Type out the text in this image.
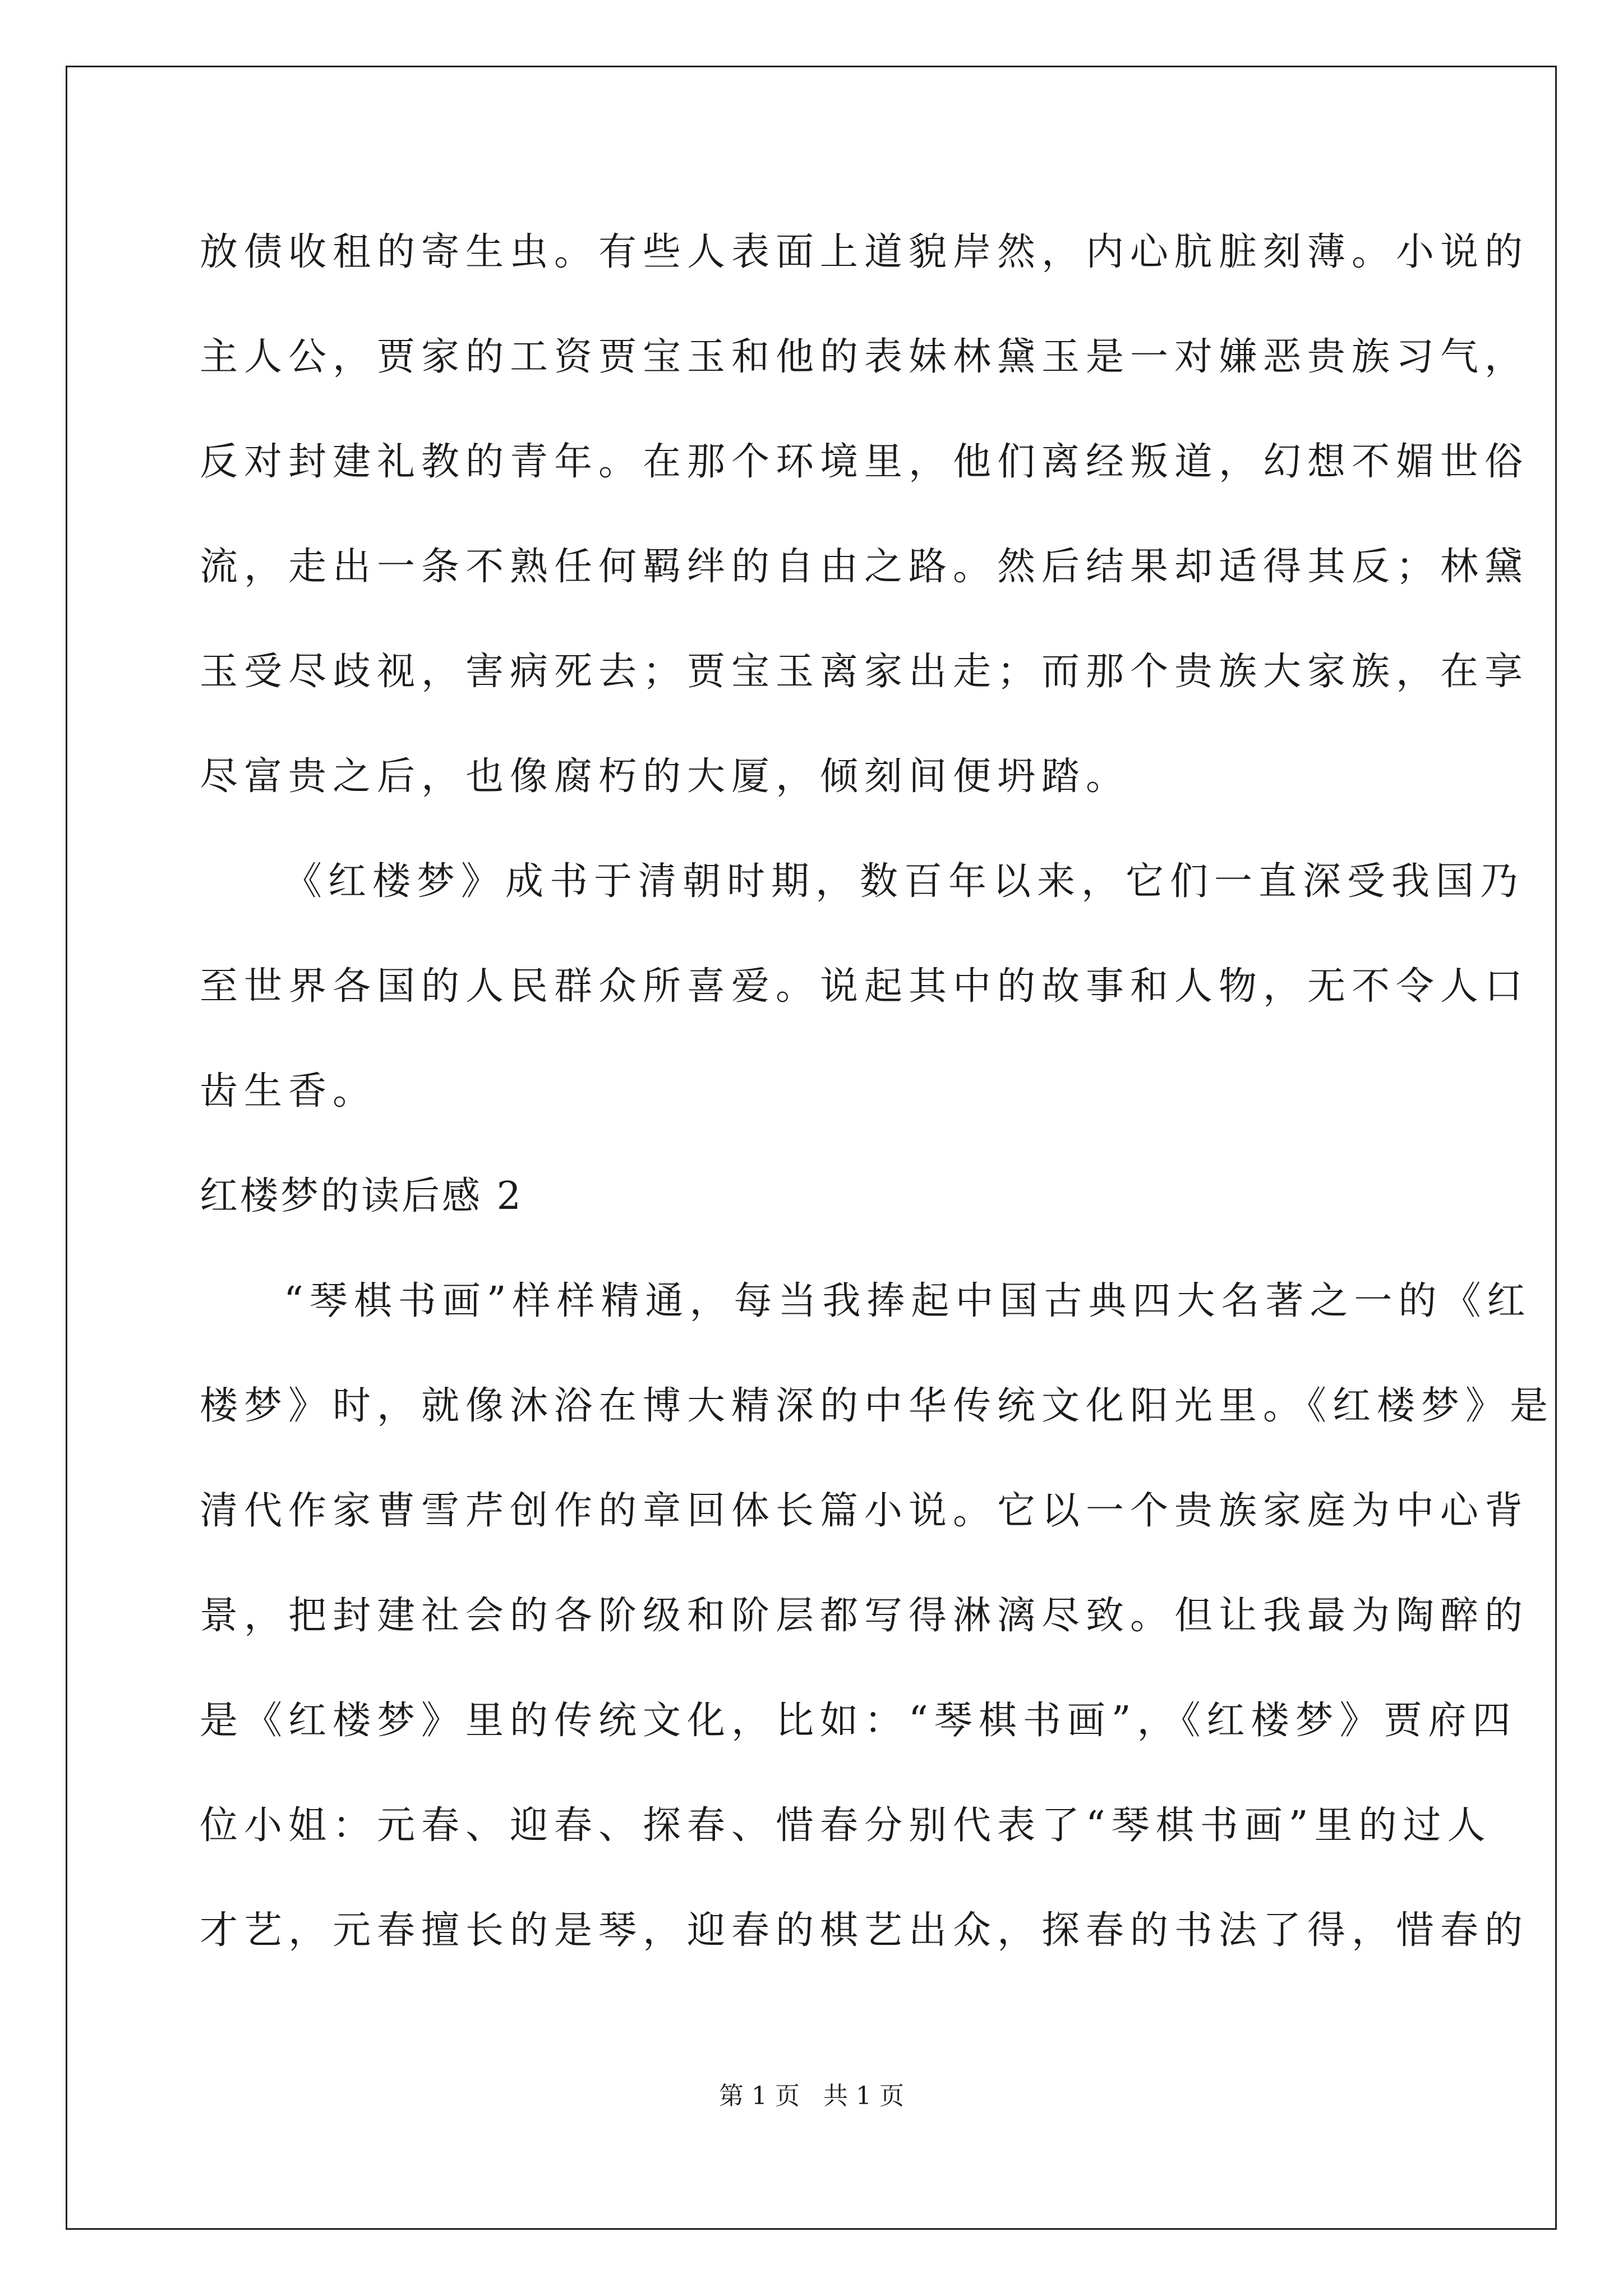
放债收租的寄生虫。有些人表面上道貌岸然，内心肮脏刻薄。小说的
主人公，贾家的工资贾宝玉和他的表妹林黛玉是一对嫌恶贵族习气，
反对封建礼教的青年。在那个环境里，他们离经叛道，幻想不媚世俗
流，走出一条不熟任何羁绊的自由之路。然后结果却适得其反；林黛
玉受尽歧视，害病死去；贾宝玉离家出走；而那个贵族大家族，在享
尽富贵之后，也像腐朽的大厦，倾刻间便坍踏。
《红楼梦》成书于清朝时期，数百年以来，它们一直深受我国乃
至世界各国的人民群众所喜爱。说起其中的故事和人物，无不令人口
齿生香。
红楼梦的读后感 2
“琴棋书画”样样精通，每当我捧起中国古典四大名著之一的《红
楼梦》时，就像沐浴在博大精深的中华传统文化阳光里。《红楼梦》是
清代作家曹雪芹创作的章回体长篇小说。它以一个贵族家庭为中心背
景，把封建社会的各阶级和阶层都写得淋漓尽致。但让我最为陶醉的
是《红楼梦》里的传统文化，比如：“琴棋书画”，《红楼梦》贾府四
位小姐：元春、迎春、探春、惜春分别代表了“琴棋书画”里的过人
才艺，元春擅长的是琴，迎春的棋艺出众，探春的书法了得，惜春的
第 1 页   共 1 页
